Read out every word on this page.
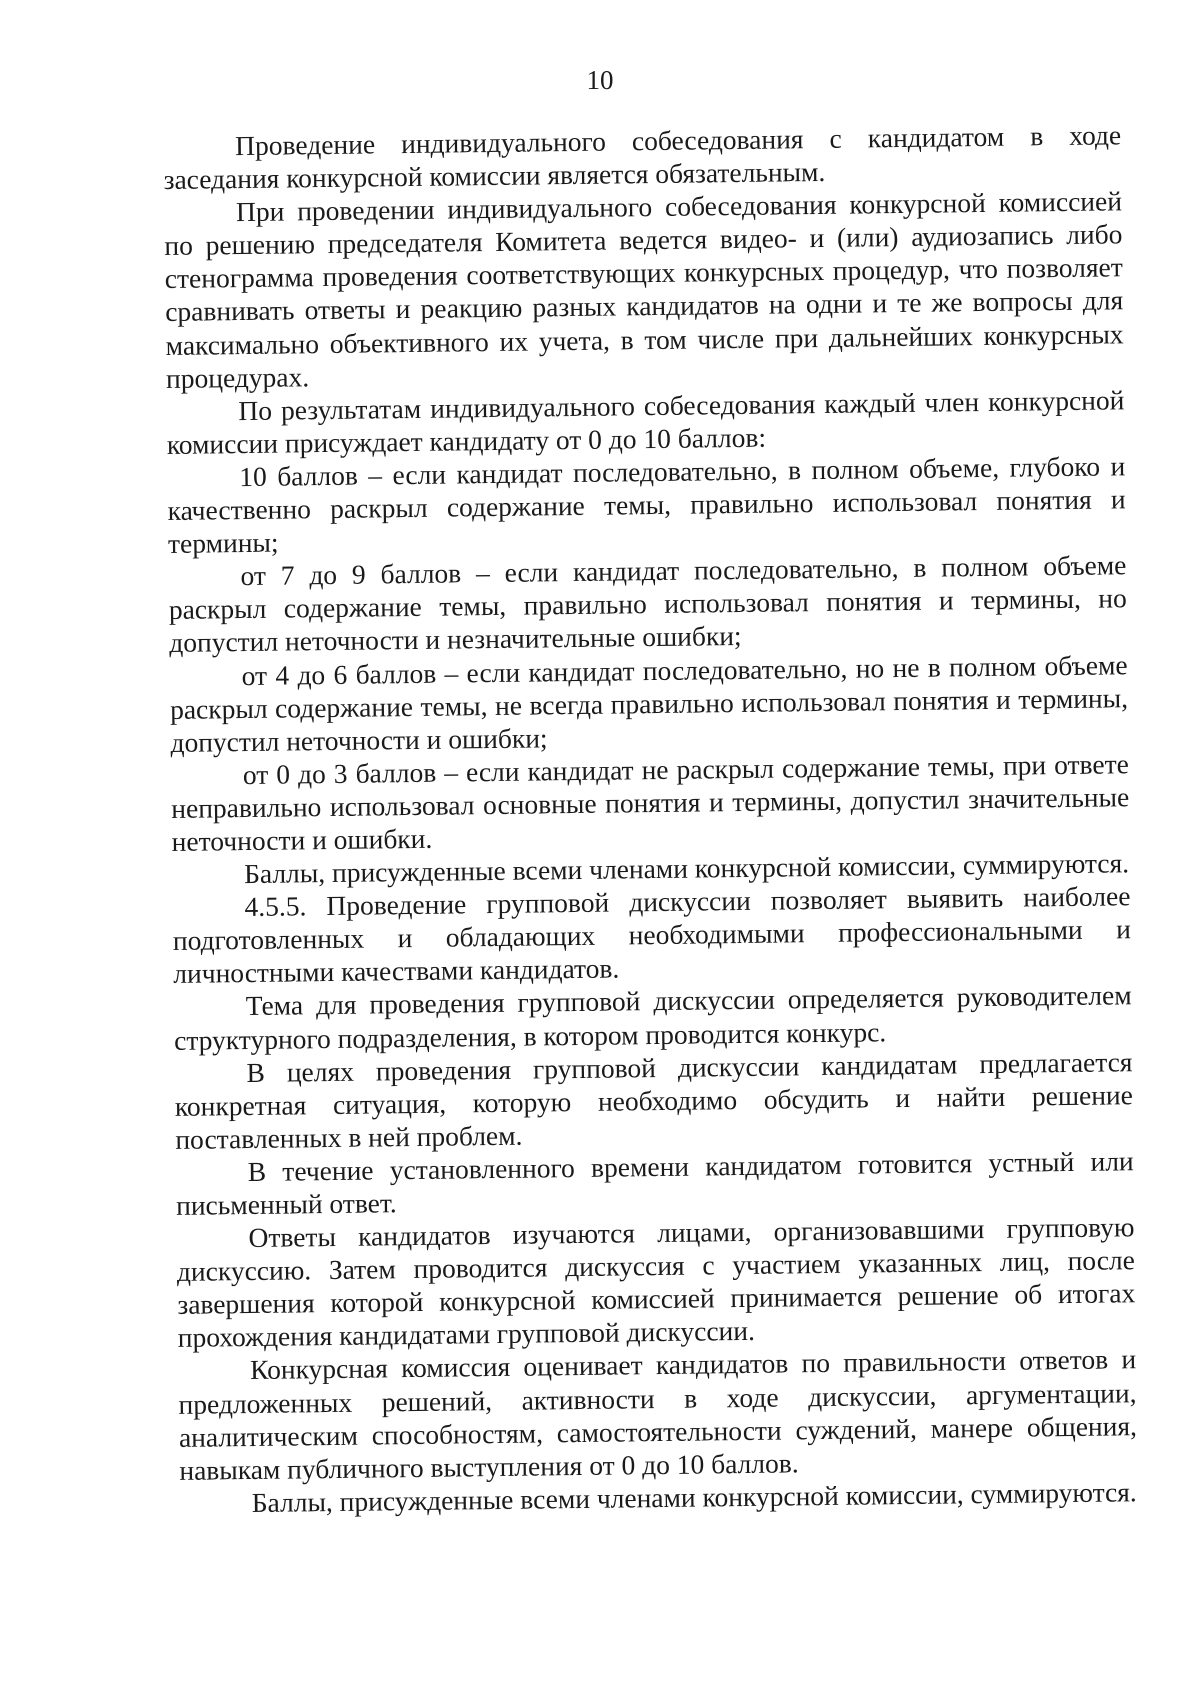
10

Проведение индивидуального собеседования с кандидатом в ходе заседания конкурсной комиссии является обязательным.

При проведении индивидуального собеседования конкурсной комиссией по решению председателя Комитета ведется видео- и (или) аудиозапись либо стенограмма проведения соответствующих конкурсных процедур, что позволяет сравнивать ответы и реакцию разных кандидатов на одни и те же вопросы для максимально объективного их учета, в том числе при дальнейших конкурсных процедурах.

По результатам индивидуального собеседования каждый член конкурсной комиссии присуждает кандидату от 0 до 10 баллов:

10 баллов – если кандидат последовательно, в полном объеме, глубоко и качественно раскрыл содержание темы, правильно использовал понятия и термины;

от 7 до 9 баллов – если кандидат последовательно, в полном объеме раскрыл содержание темы, правильно использовал понятия и термины, но допустил неточности и незначительные ошибки;

от 4 до 6 баллов – если кандидат последовательно, но не в полном объеме раскрыл содержание темы, не всегда правильно использовал понятия и термины, допустил неточности и ошибки;

от 0 до 3 баллов – если кандидат не раскрыл содержание темы, при ответе неправильно использовал основные понятия и термины, допустил значительные неточности и ошибки.

Баллы, присужденные всеми членами конкурсной комиссии, суммируются.

4.5.5. Проведение групповой дискуссии позволяет выявить наиболее подготовленных и обладающих необходимыми профессиональными и личностными качествами кандидатов.

Тема для проведения групповой дискуссии определяется руководителем структурного подразделения, в котором проводится конкурс.

В целях проведения групповой дискуссии кандидатам предлагается конкретная ситуация, которую необходимо обсудить и найти решение поставленных в ней проблем.

В течение установленного времени кандидатом готовится устный или письменный ответ.

Ответы кандидатов изучаются лицами, организовавшими групповую дискуссию. Затем проводится дискуссия с участием указанных лиц, после завершения которой конкурсной комиссией принимается решение об итогах прохождения кандидатами групповой дискуссии.

Конкурсная комиссия оценивает кандидатов по правильности ответов и предложенных решений, активности в ходе дискуссии, аргументации, аналитическим способностям, самостоятельности суждений, манере общения, навыкам публичного выступления от 0 до 10 баллов.

Баллы, присужденные всеми членами конкурсной комиссии, суммируются.
